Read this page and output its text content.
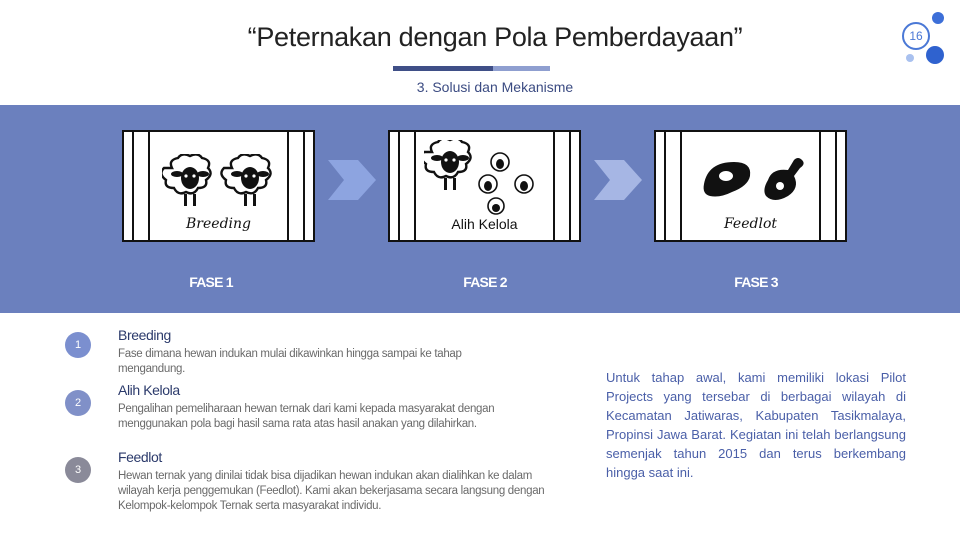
“Peternakan dengan Pola Pemberdayaan”
3. Solusi dan Mekanisme
16
Breeding	Alih Kelola	Feedlot
FASE 1	FASE 2	FASE 3
1
Breeding
Fase dimana hewan indukan mulai dikawinkan hingga sampai ke tahap mengandung.
2
Alih Kelola
Pengalihan pemeliharaan hewan ternak dari kami kepada masyarakat dengan menggunakan pola bagi hasil sama rata atas hasil anakan yang dilahirkan.
3
Feedlot
Hewan ternak yang dinilai tidak bisa dijadikan hewan indukan akan dialihkan ke dalam wilayah kerja penggemukan (Feedlot). Kami akan bekerjasama secara langsung dengan Kelompok-kelompok Ternak serta masyarakat individu.
Untuk tahap awal, kami memiliki lokasi Pilot Projects yang tersebar di berbagai wilayah di Kecamatan Jatiwaras, Kabupaten Tasikmalaya, Propinsi Jawa Barat. Kegiatan ini telah berlangsung semenjak tahun 2015 dan terus berkembang hingga saat ini.
